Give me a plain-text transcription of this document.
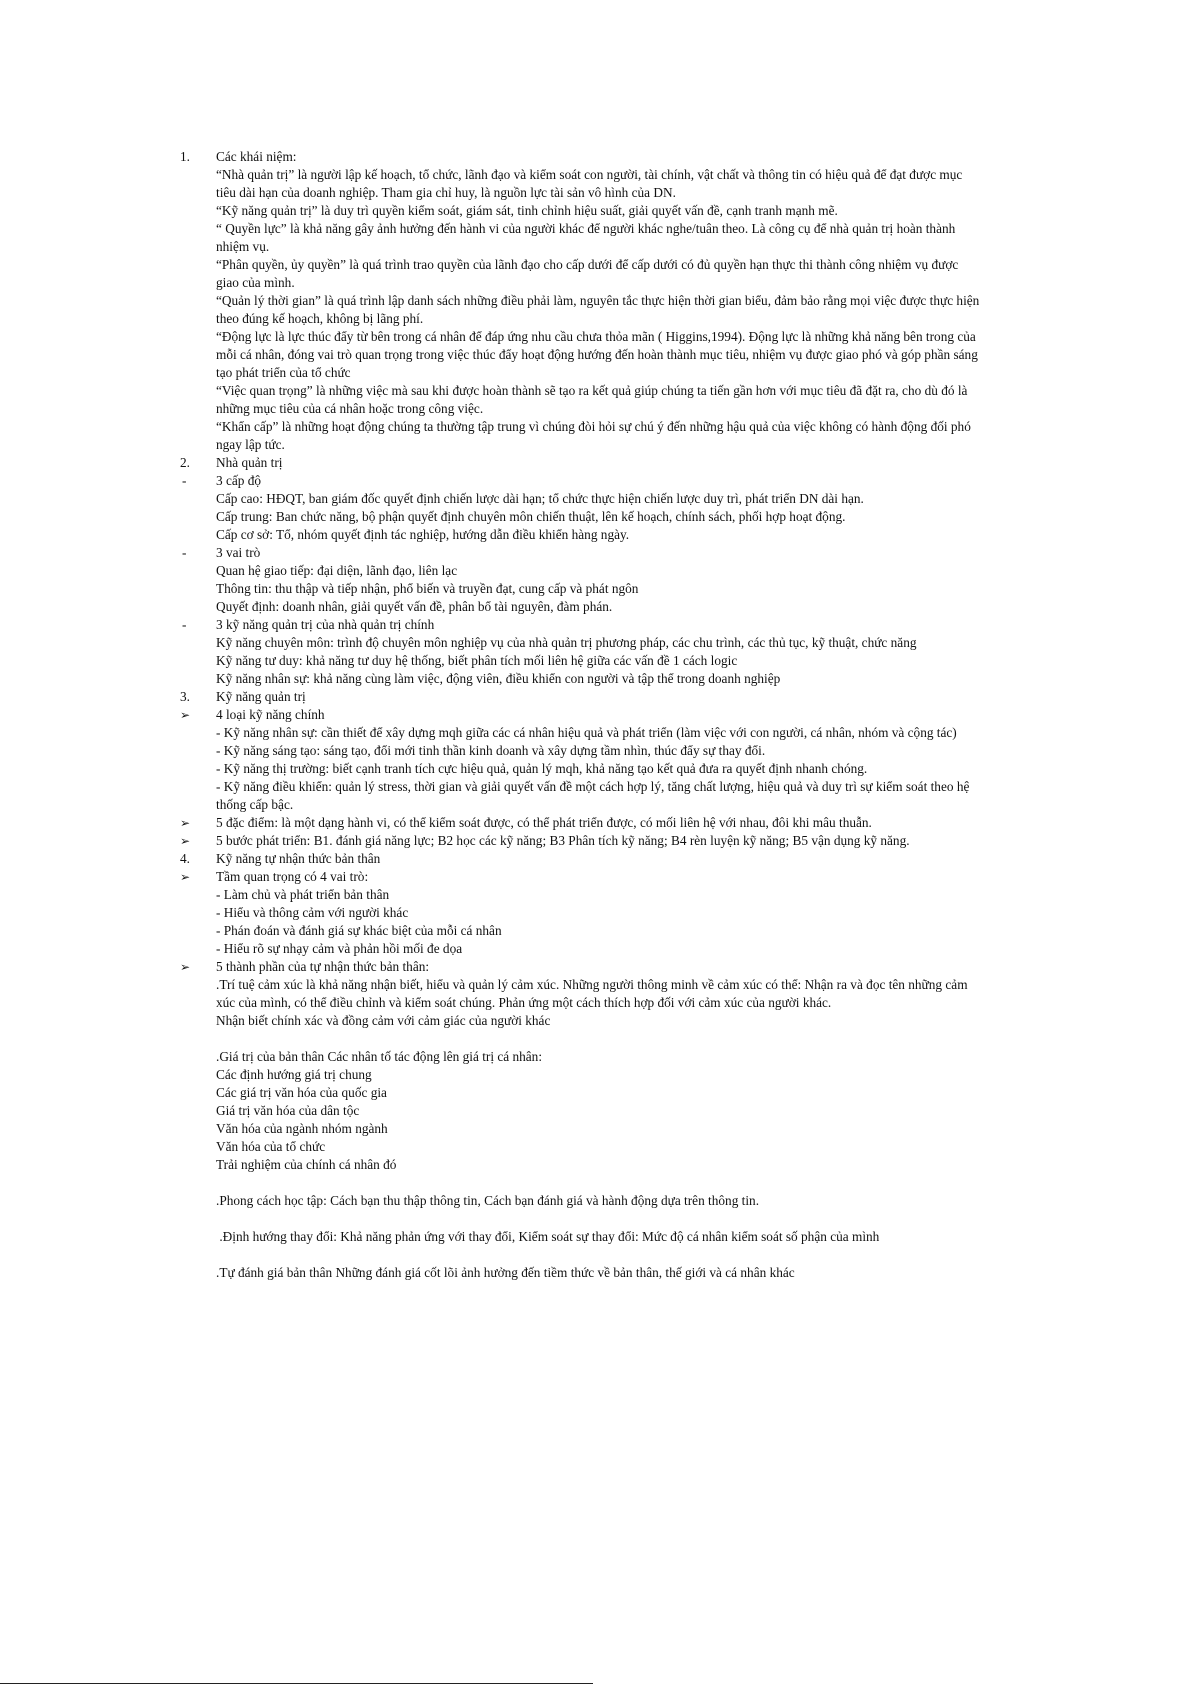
1. Các khái niệm:
“Nhà quản trị” là người lập kế hoạch, tổ chức, lãnh đạo và kiểm soát con người, tài chính, vật chất và thông tin có hiệu quả để đạt được mục tiêu dài hạn của doanh nghiệp. Tham gia chỉ huy, là nguồn lực tài sản vô hình của DN.
“Kỹ năng quản trị” là duy trì quyền kiểm soát, giám sát, tinh chỉnh hiệu suất, giải quyết vấn đề, cạnh tranh mạnh mẽ.
“ Quyền lực” là khả năng gây ảnh hưởng đến hành vi của người khác để người khác nghe/tuân theo. Là công cụ để nhà quản trị hoàn thành nhiệm vụ.
“Phân quyền, ủy quyền” là quá trình trao quyền của lãnh đạo cho cấp dưới để cấp dưới có đủ quyền hạn thực thi thành công nhiệm vụ được giao của mình.
“Quản lý thời gian” là quá trình lập danh sách những điều phải làm, nguyên tắc thực hiện thời gian biểu, đảm bảo rằng mọi việc được thực hiện theo đúng kế hoạch, không bị lãng phí.
“Động lực là lực thúc đẩy từ bên trong cá nhân để đáp ứng nhu cầu chưa thỏa mãn ( Higgins,1994). Động lực là những khả năng bên trong của mỗi cá nhân, đóng vai trò quan trọng trong việc thúc đẩy hoạt động hướng đến hoàn thành mục tiêu, nhiệm vụ được giao phó và góp phần sáng tạo phát triển của tổ chức
“Việc quan trọng” là những việc mà sau khi được hoàn thành sẽ tạo ra kết quả giúp chúng ta tiến gần hơn với mục tiêu đã đặt ra, cho dù đó là những mục tiêu của cá nhân hoặc trong công việc.
“Khẩn cấp” là những hoạt động chúng ta thường tập trung vì chúng đòi hỏi sự chú ý đến những hậu quả của việc không có hành động đối phó ngay lập tức.
2. Nhà quản trị
- 3 cấp độ
Cấp cao: HĐQT, ban giám đốc quyết định chiến lược dài hạn; tổ chức thực hiện chiến lược duy trì, phát triển DN dài hạn.
Cấp trung: Ban chức năng, bộ phận quyết định chuyên môn chiến thuật, lên kế hoạch, chính sách, phối hợp hoạt động.
Cấp cơ sở: Tổ, nhóm quyết định tác nghiệp, hướng dẫn điều khiển hàng ngày.
- 3 vai trò
Quan hệ giao tiếp: đại diện, lãnh đạo, liên lạc
Thông tin: thu thập và tiếp nhận, phổ biến và truyền đạt, cung cấp và phát ngôn
Quyết định: doanh nhân, giải quyết vấn đề, phân bổ tài nguyên, đàm phán.
- 3 kỹ năng quản trị của nhà quản trị chính
Kỹ năng chuyên môn: trình độ chuyên môn nghiệp vụ của nhà quản trị phương pháp, các chu trình, các thủ tục, kỹ thuật, chức năng
Kỹ năng tư duy: khả năng tư duy hệ thống, biết phân tích mối liên hệ giữa các vấn đề 1 cách logic
Kỹ năng nhân sự: khả năng cùng làm việc, động viên, điều khiển con người và tập thể trong doanh nghiệp
3. Kỹ năng quản trị
➢ 4 loại kỹ năng chính
- Kỹ năng nhân sự: cần thiết để xây dựng mqh giữa các cá nhân hiệu quả và phát triển (làm việc với con người, cá nhân, nhóm và cộng tác)
- Kỹ năng sáng tạo: sáng tạo, đổi mới tinh thần kinh doanh và xây dựng tầm nhìn, thúc đẩy sự thay đổi.
- Kỹ năng thị trường: biết cạnh tranh tích cực hiệu quả, quản lý mqh, khả năng tạo kết quả đưa ra quyết định nhanh chóng.
- Kỹ năng điều khiển: quản lý stress, thời gian và giải quyết vấn đề một cách hợp lý, tăng chất lượng, hiệu quả và duy trì sự kiểm soát theo hệ thống cấp bậc.
➢ 5 đặc điểm: là một dạng hành vi, có thể kiểm soát được, có thể phát triển được, có mối liên hệ với nhau, đôi khi mâu thuẫn.
➢ 5 bước phát triển: B1. đánh giá năng lực; B2 học các kỹ năng; B3 Phân tích kỹ năng; B4 rèn luyện kỹ năng; B5 vận dụng kỹ năng.
4. Kỹ năng tự nhận thức bản thân
➢ Tầm quan trọng có 4 vai trò:
- Làm chủ và phát triển bản thân
- Hiểu và thông cảm với người khác
- Phán đoán và đánh giá sự khác biệt của mỗi cá nhân
- Hiểu rõ sự nhạy cảm và phản hồi mối đe dọa
➢ 5 thành phần của tự nhận thức bản thân:
.Trí tuệ cảm xúc là khả năng nhận biết, hiểu và quản lý cảm xúc. Những người thông minh về cảm xúc có thể: Nhận ra và đọc tên những cảm xúc của mình, có thể điều chỉnh và kiểm soát chúng. Phản ứng một cách thích hợp đối với cảm xúc của người khác.
Nhận biết chính xác và đồng cảm với cảm giác của người khác
.Giá trị của bản thân Các nhân tố tác động lên giá trị cá nhân:
Các định hướng giá trị chung
Các giá trị văn hóa của quốc gia
Giá trị văn hóa của dân tộc
Văn hóa của ngành nhóm ngành
Văn hóa của tổ chức
Trải nghiệm của chính cá nhân đó
.Phong cách học tập: Cách bạn thu thập thông tin, Cách bạn đánh giá và hành động dựa trên thông tin.
.Định hướng thay đổi: Khả năng phản ứng với thay đổi, Kiểm soát sự thay đổi: Mức độ cá nhân kiểm soát số phận của mình
.Tự đánh giá bản thân Những đánh giá cốt lõi ảnh hưởng đến tiềm thức về bản thân, thế giới và cá nhân khác
